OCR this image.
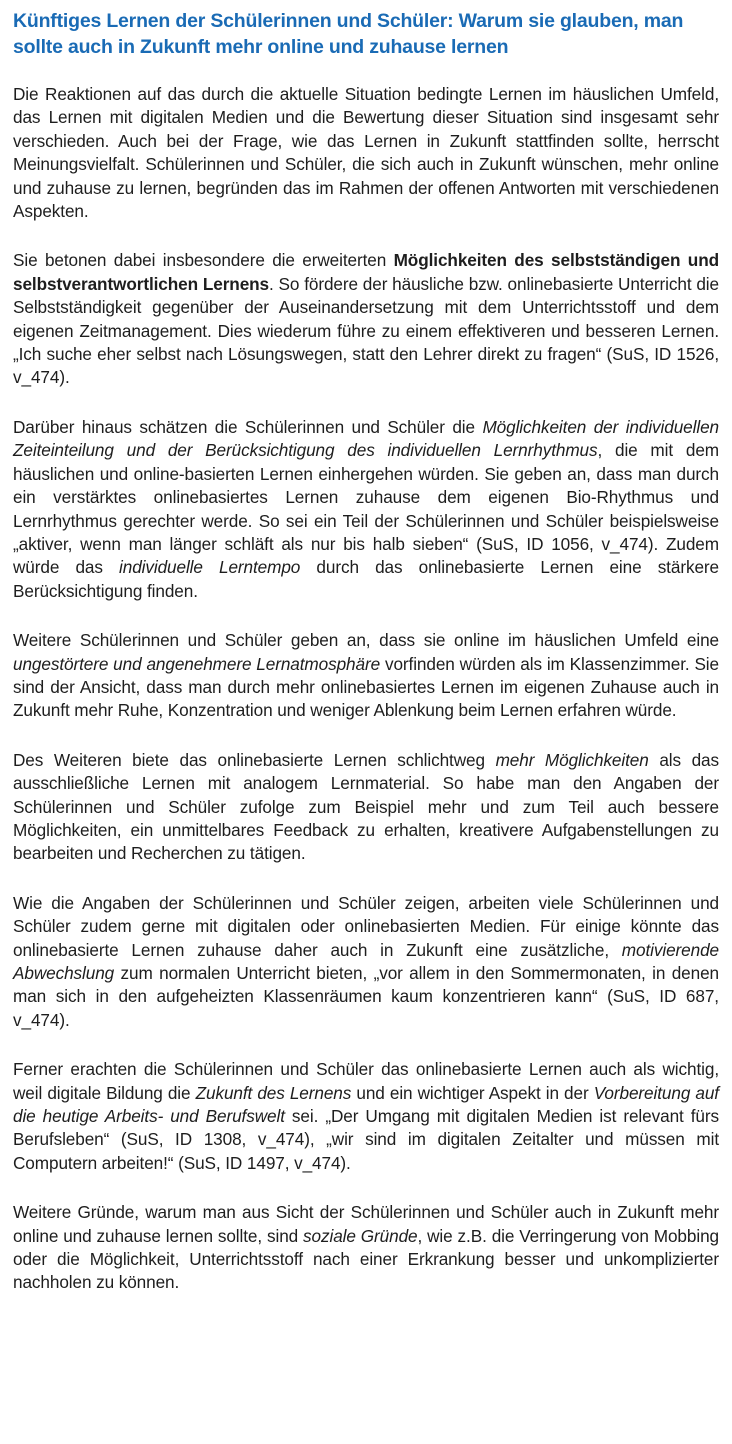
Künftiges Lernen der Schülerinnen und Schüler: Warum sie glauben, man sollte auch in Zukunft mehr online und zuhause lernen

Die Reaktionen auf das durch die aktuelle Situation bedingte Lernen im häuslichen Umfeld, das Lernen mit digitalen Medien und die Bewertung dieser Situation sind insgesamt sehr verschieden. Auch bei der Frage, wie das Lernen in Zukunft stattfinden sollte, herrscht Meinungsvielfalt. Schülerinnen und Schüler, die sich auch in Zukunft wünschen, mehr online und zuhause zu lernen, begründen das im Rahmen der offenen Antworten mit verschiedenen Aspekten.

Sie betonen dabei insbesondere die erweiterten Möglichkeiten des selbstständigen und selbstverantwortlichen Lernens. So fördere der häusliche bzw. onlinebasierte Unterricht die Selbstständigkeit gegenüber der Auseinandersetzung mit dem Unterrichtsstoff und dem eigenen Zeitmanagement. Dies wiederum führe zu einem effektiveren und besseren Lernen. „Ich suche eher selbst nach Lösungswegen, statt den Lehrer direkt zu fragen“ (SuS, ID 1526, v_474).

Darüber hinaus schätzen die Schülerinnen und Schüler die Möglichkeiten der individuellen Zeiteinteilung und der Berücksichtigung des individuellen Lernrhythmus, die mit dem häuslichen und online-basierten Lernen einhergehen würden. Sie geben an, dass man durch ein verstärktes onlinebasiertes Lernen zuhause dem eigenen Bio-Rhythmus und Lernrhythmus gerechter werde. So sei ein Teil der Schülerinnen und Schüler beispielsweise „aktiver, wenn man länger schläft als nur bis halb sieben“ (SuS, ID 1056, v_474). Zudem würde das individuelle Lerntempo durch das onlinebasierte Lernen eine stärkere Berücksichtigung finden.

Weitere Schülerinnen und Schüler geben an, dass sie online im häuslichen Umfeld eine ungestörtere und angenehmere Lernatmosphäre vorfinden würden als im Klassenzimmer. Sie sind der Ansicht, dass man durch mehr onlinebasiertes Lernen im eigenen Zuhause auch in Zukunft mehr Ruhe, Konzentration und weniger Ablenkung beim Lernen erfahren würde.

Des Weiteren biete das onlinebasierte Lernen schlichtweg mehr Möglichkeiten als das ausschließliche Lernen mit analogem Lernmaterial. So habe man den Angaben der Schülerinnen und Schüler zufolge zum Beispiel mehr und zum Teil auch bessere Möglichkeiten, ein unmittelbares Feedback zu erhalten, kreativere Aufgabenstellungen zu bearbeiten und Recherchen zu tätigen.

Wie die Angaben der Schülerinnen und Schüler zeigen, arbeiten viele Schülerinnen und Schüler zudem gerne mit digitalen oder onlinebasierten Medien. Für einige könnte das onlinebasierte Lernen zuhause daher auch in Zukunft eine zusätzliche, motivierende Abwechslung zum normalen Unterricht bieten, „vor allem in den Sommermonaten, in denen man sich in den aufgeheizten Klassenräumen kaum konzentrieren kann“ (SuS, ID 687, v_474).

Ferner erachten die Schülerinnen und Schüler das onlinebasierte Lernen auch als wichtig, weil digitale Bildung die Zukunft des Lernens und ein wichtiger Aspekt in der Vorbereitung auf die heutige Arbeits- und Berufswelt sei. „Der Umgang mit digitalen Medien ist relevant fürs Berufsleben“ (SuS, ID 1308, v_474), „wir sind im digitalen Zeitalter und müssen mit Computern arbeiten!“ (SuS, ID 1497, v_474).

Weitere Gründe, warum man aus Sicht der Schülerinnen und Schüler auch in Zukunft mehr online und zuhause lernen sollte, sind soziale Gründe, wie z.B. die Verringerung von Mobbing oder die Möglichkeit, Unterrichtsstoff nach einer Erkrankung besser und unkomplizierter nachholen zu können.
